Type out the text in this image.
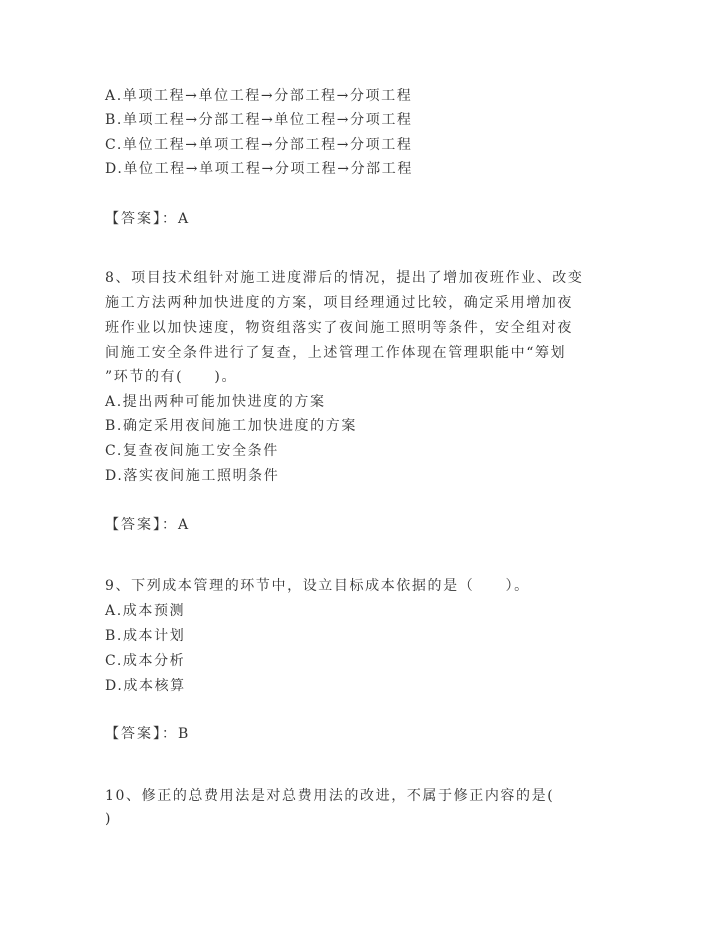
A.单项工程→单位工程→分部工程→分项工程
B.单项工程→分部工程→单位工程→分项工程
C.单位工程→单项工程→分部工程→分项工程
D.单位工程→单项工程→分项工程→分部工程
【答案】：A
8、项目技术组针对施工进度滞后的情况，提出了增加夜班作业、改变
施工方法两种加快进度的方案，项目经理通过比较，确定采用增加夜
班作业以加快速度，物资组落实了夜间施工照明等条件，安全组对夜
间施工安全条件进行了复查，上述管理工作体现在管理职能中“筹划
”环节的有(　　)。
A.提出两种可能加快进度的方案
B.确定采用夜间施工加快进度的方案
C.复查夜间施工安全条件
D.落实夜间施工照明条件
【答案】：A
9、下列成本管理的环节中，设立目标成本依据的是（　　）。
A.成本预测
B.成本计划
C.成本分析
D.成本核算
【答案】：B
10、修正的总费用法是对总费用法的改进，不属于修正内容的是(
)
